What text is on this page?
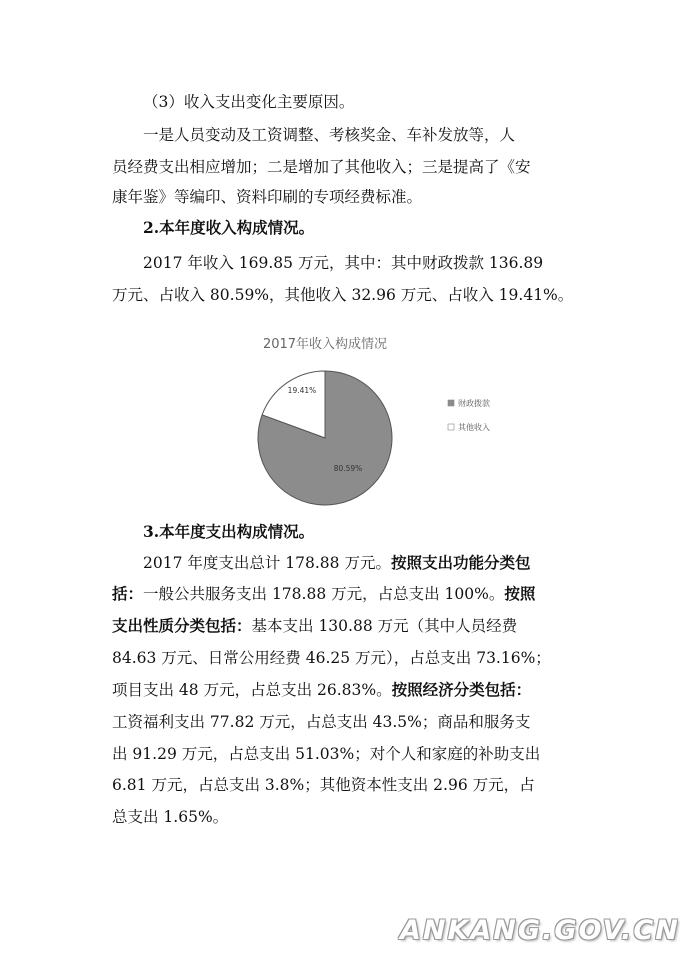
（3）收入支出变化主要原因。
一是人员变动及工资调整、考核奖金、车补发放等，人
员经费支出相应增加；二是增加了其他收入；三是提高了《安
康年鉴》等编印、资料印刷的专项经费标准。
2.本年度收入构成情况。
2017 年收入 169.85 万元，其中：其中财政拨款 136.89
万元、占收入 80.59%，其他收入 32.96 万元、占收入 19.41%。
3.本年度支出构成情况。
2017 年度支出总计 178.88 万元。按照支出功能分类包
括：一般公共服务支出 178.88 万元，占总支出 100%。按照
支出性质分类包括：基本支出 130.88 万元（其中人员经费
84.63 万元、日常公用经费 46.25 万元），占总支出 73.16%；
项目支出 48 万元，占总支出 26.83%。按照经济分类包括：
工资福利支出 77.82 万元，占总支出 43.5%；商品和服务支
出 91.29 万元，占总支出 51.03%；对个人和家庭的补助支出
6.81 万元，占总支出 3.8%；其他资本性支出 2.96 万元，占
总支出 1.65%。
2017年收入构成情况
19.41%
80.59%
财政拨款
其他收入
ANKANG.GOV.CN
